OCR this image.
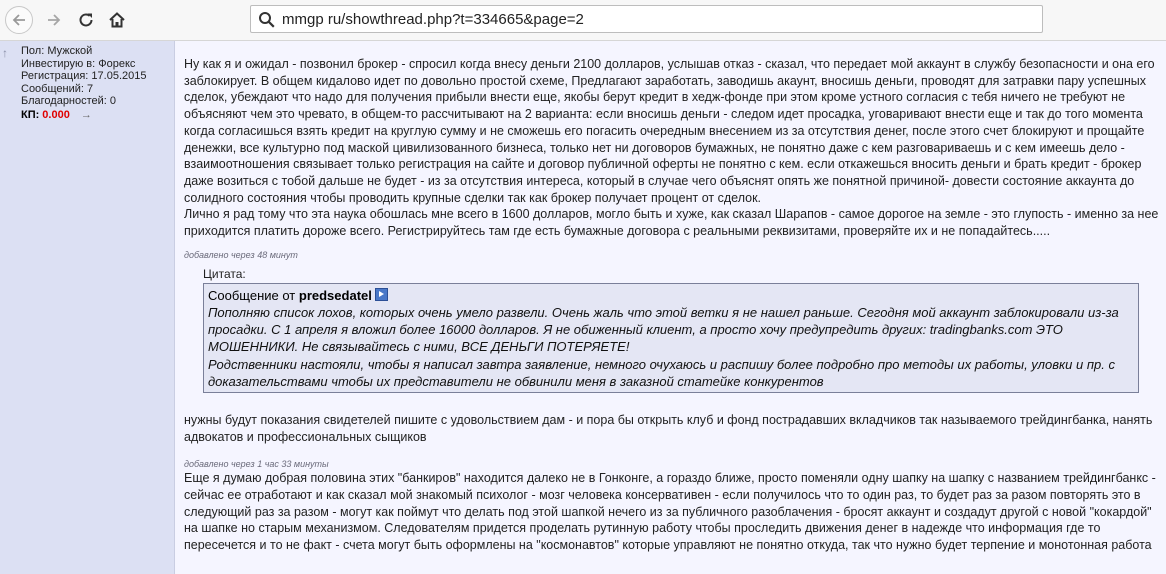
mmgp ru/showthread.php?t=334665&page=2
↑ Пол: Мужской
Инвестирую в: Форекс
Регистрация: 17.05.2015
Сообщений: 7
Благодарностей: 0
КП: 0.000 →

Ну как я и ожидал - позвонил брокер - спросил когда внесу деньги 2100 долларов, услышав отказ - сказал, что передает мой аккаунт в службу безопасности и она его заблокирует. В общем кидалово идет по довольно простой схеме, Предлагают заработать, заводишь акаунт, вносишь деньги, проводят для затравки пару успешных сделок, убеждают что надо для получения прибыли внести еще, якобы берут кредит в хедж-фонде при этом кроме устного согласия с тебя ничего не требуют не объясняют чем это чревато, в общем-то рассчитывают на 2 варианта: если вносишь деньги - следом идет просадка, уговаривают внести еще и так до того момента когда согласишься взять кредит на круглую сумму и не сможешь его погасить очередным внесением из за отсутствия денег, после этого счет блокируют и прощайте денежки, все культурно под маской цивилизованного бизнеса, только нет ни договоров бумажных, не понятно даже с кем разговариваешь и с кем имеешь дело - взаимоотношения связывает только регистрация на сайте и договор публичной оферты не понятно с кем. если откажешься вносить деньги и брать кредит - брокер даже возиться с тобой дальше не будет - из за отсутствия интереса, который в случае чего объяснят опять же понятной причиной- довести состояние аккаунта до солидного состояния чтобы проводить крупные сделки так как брокер получает процент от сделок.

Лично я рад тому что эта наука обошлась мне всего в 1600 долларов, могло быть и хуже, как сказал Шарапов - самое дорогое на земле - это глупость - именно за нее приходится платить дороже всего. Регистрируйтесь там где есть бумажные договора с реальными реквизитами, проверяйте их и не попадайтесь.....

добавлено через 48 минут
Цитата:
Сообщение от predsedatel
Пополняю список лохов, которых очень умело развели. Очень жаль что этой ветки я не нашел раньше. Сегодня мой аккаунт заблокировали из-за просадки. С 1 апреля я вложил более 16000 долларов. Я не обиженный клиент, а просто хочу предупредить других: tradingbanks.com ЭТО МОШЕННИКИ. Не связывайтесь с ними, ВСЕ ДЕНЬГИ ПОТЕРЯЕТЕ!
Родственники настояли, чтобы я написал завтра заявление, немного очухаюсь и распишу более подробно про методы их работы, уловки и пр. с доказательствами чтобы их представители не обвинили меня в заказной статейке конкурентов

нужны будут показания свидетелей пишите с удовольствием дам - и пора бы открыть клуб и фонд пострадавших вкладчиков так называемого трейдингбанка, нанять адвокатов и профессиональных сыщиков

добавлено через 1 час 33 минуты

Еще я думаю добрая половина этих "банкиров" находится далеко не в Гонконге, а гораздо ближе, просто поменяли одну шапку на шапку с названием трейдингбанкс - сейчас ее отработают и как сказал мой знакомый психолог - мозг человека консервативен - если получилось что то один раз, то будет раз за разом повторять это в следующий раз за разом - могут как поймут что делать под этой шапкой нечего из за публичного разоблачения - бросят аккаунт и создадут другой с новой "кокардой" на шапке но старым механизмом. Следователям придется проделать рутинную работу чтобы проследить движения денег в надежде что информация где то пересечется и то не факт - счета могут быть оформлены на "космонавтов" которые управляют не понятно откуда, так что нужно будет терпение и монотонная работа
